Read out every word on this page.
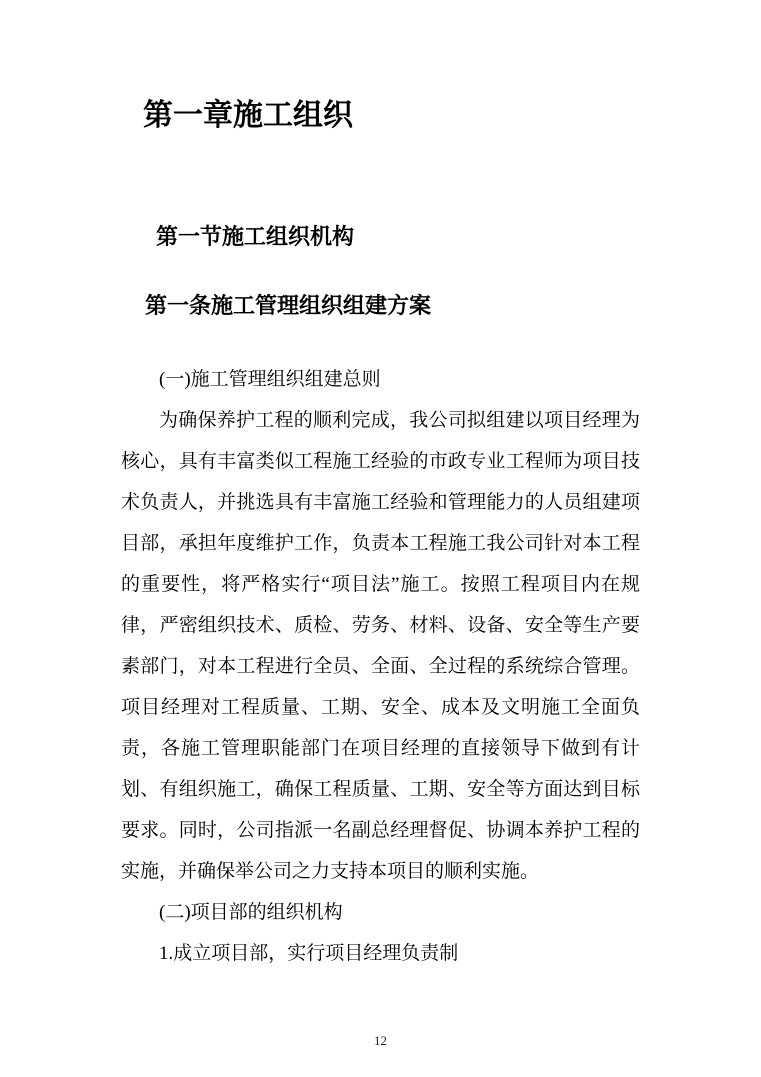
第一章施工组织
第一节施工组织机构
第一条施工管理组织组建方案

(一)施工管理组织组建总则

为确保养护工程的顺利完成，我公司拟组建以项目经理为核心，具有丰富类似工程施工经验的市政专业工程师为项目技术负责人，并挑选具有丰富施工经验和管理能力的人员组建项目部，承担年度维护工作，负责本工程施工我公司针对本工程的重要性，将严格实行“项目法”施工。按照工程项目内在规律，严密组织技术、质检、劳务、材料、设备、安全等生产要素部门，对本工程进行全员、全面、全过程的系统综合管理。项目经理对工程质量、工期、安全、成本及文明施工全面负责，各施工管理职能部门在项目经理的直接领导下做到有计划、有组织施工，确保工程质量、工期、安全等方面达到目标要求。同时，公司指派一名副总经理督促、协调本养护工程的实施，并确保举公司之力支持本项目的顺利实施。

(二)项目部的组织机构

1.成立项目部，实行项目经理负责制

12
